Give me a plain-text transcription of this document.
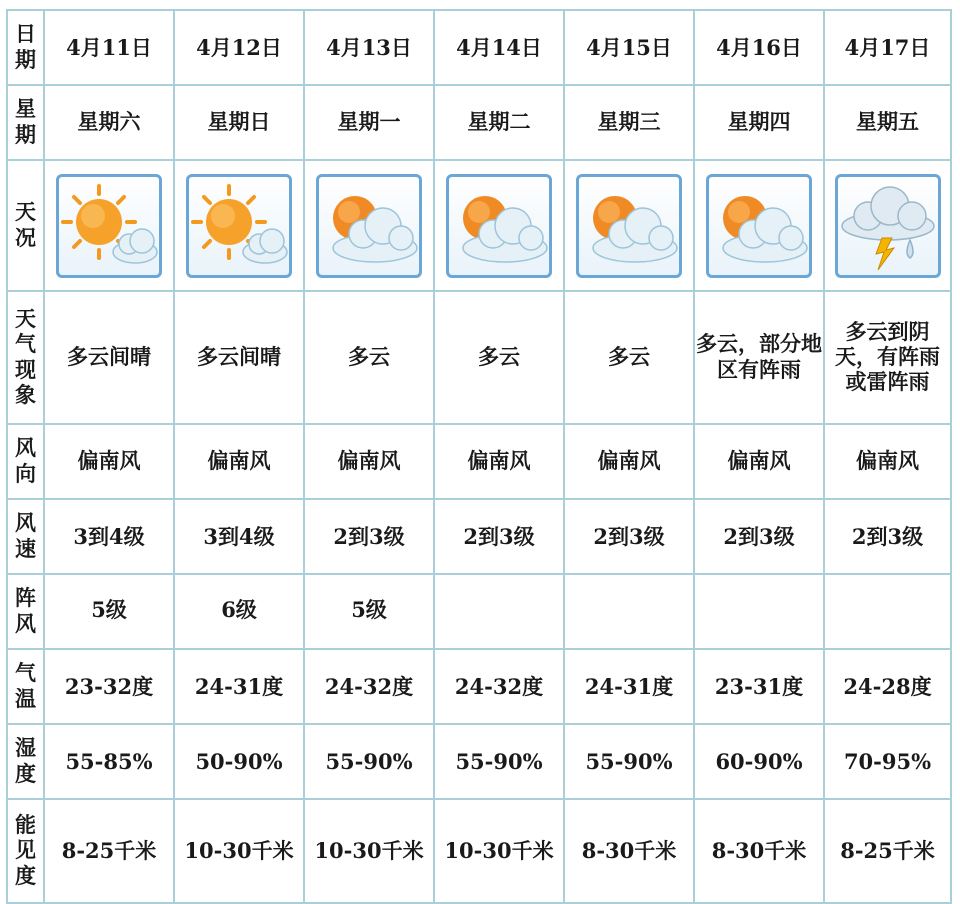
日期	4月11日	4月12日	4月13日	4月14日	4月15日	4月16日	4月17日
星期	星期六	星期日	星期一	星期二	星期三	星期四	星期五
天况	

天气现象	多云间晴	多云间晴	多云	多云	多云	多云，部分地区有阵雨	多云到阴天，有阵雨或雷阵雨
风向	偏南风	偏南风	偏南风	偏南风	偏南风	偏南风	偏南风
风速	3到4级	3到4级	2到3级	2到3级	2到3级	2到3级	2到3级
阵风	5级	6级	5级				
气温	23-32度	24-31度	24-32度	24-32度	24-31度	23-31度	24-28度
湿度	55-85%	50-90%	55-90%	55-90%	55-90%	60-90%	70-95%
能见度	8-25千米	10-30千米	10-30千米	10-30千米	8-30千米	8-30千米	8-25千米
